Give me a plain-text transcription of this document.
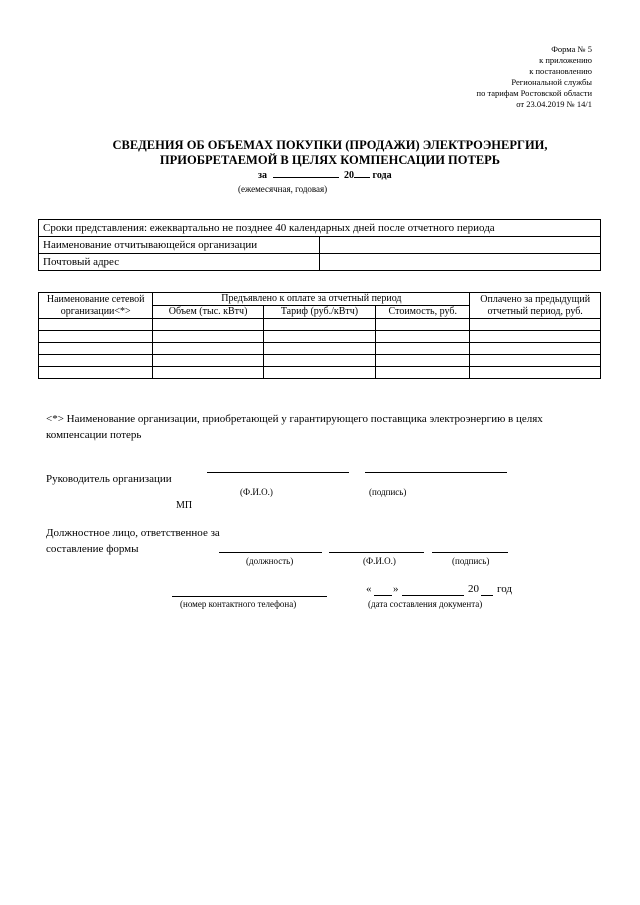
Форма № 5
к приложению
к постановлению
Региональной службы
по тарифам Ростовской области
от 23.04.2019 № 14/1
СВЕДЕНИЯ ОБ ОБЪЕМАХ ПОКУПКИ (ПРОДАЖИ) ЭЛЕКТРОЭНЕРГИИ,
ПРИОБРЕТАЕМОЙ В ЦЕЛЯХ КОМПЕНСАЦИИ ПОТЕРЬ
за	20 года
(ежемесячная, годовая)
Сроки представления: ежеквартально не позднее 40 календарных дней после отчетного периода	
Наименование отчитывающейся организации	
Почтовый адрес	
Наименование сетевой организации<*>	Предъявлено к оплате за отчетный период			Оплачено за предыдущий отчетный период, руб.
	Объем (тыс. кВтч)	Тариф (руб./кВтч)	Стоимость, руб.	

<*> Наименование организации, приобретающей у гарантирующего поставщика электроэнергию в целях компенсации потерь
Руководитель организации
(Ф.И.О.)	(подпись)
МП
Должностное лицо, ответственное за
составление формы
(должность)	(Ф.И.О.)	(подпись)
(номер контактного телефона)
« »	20 год
(дата составления документа)
